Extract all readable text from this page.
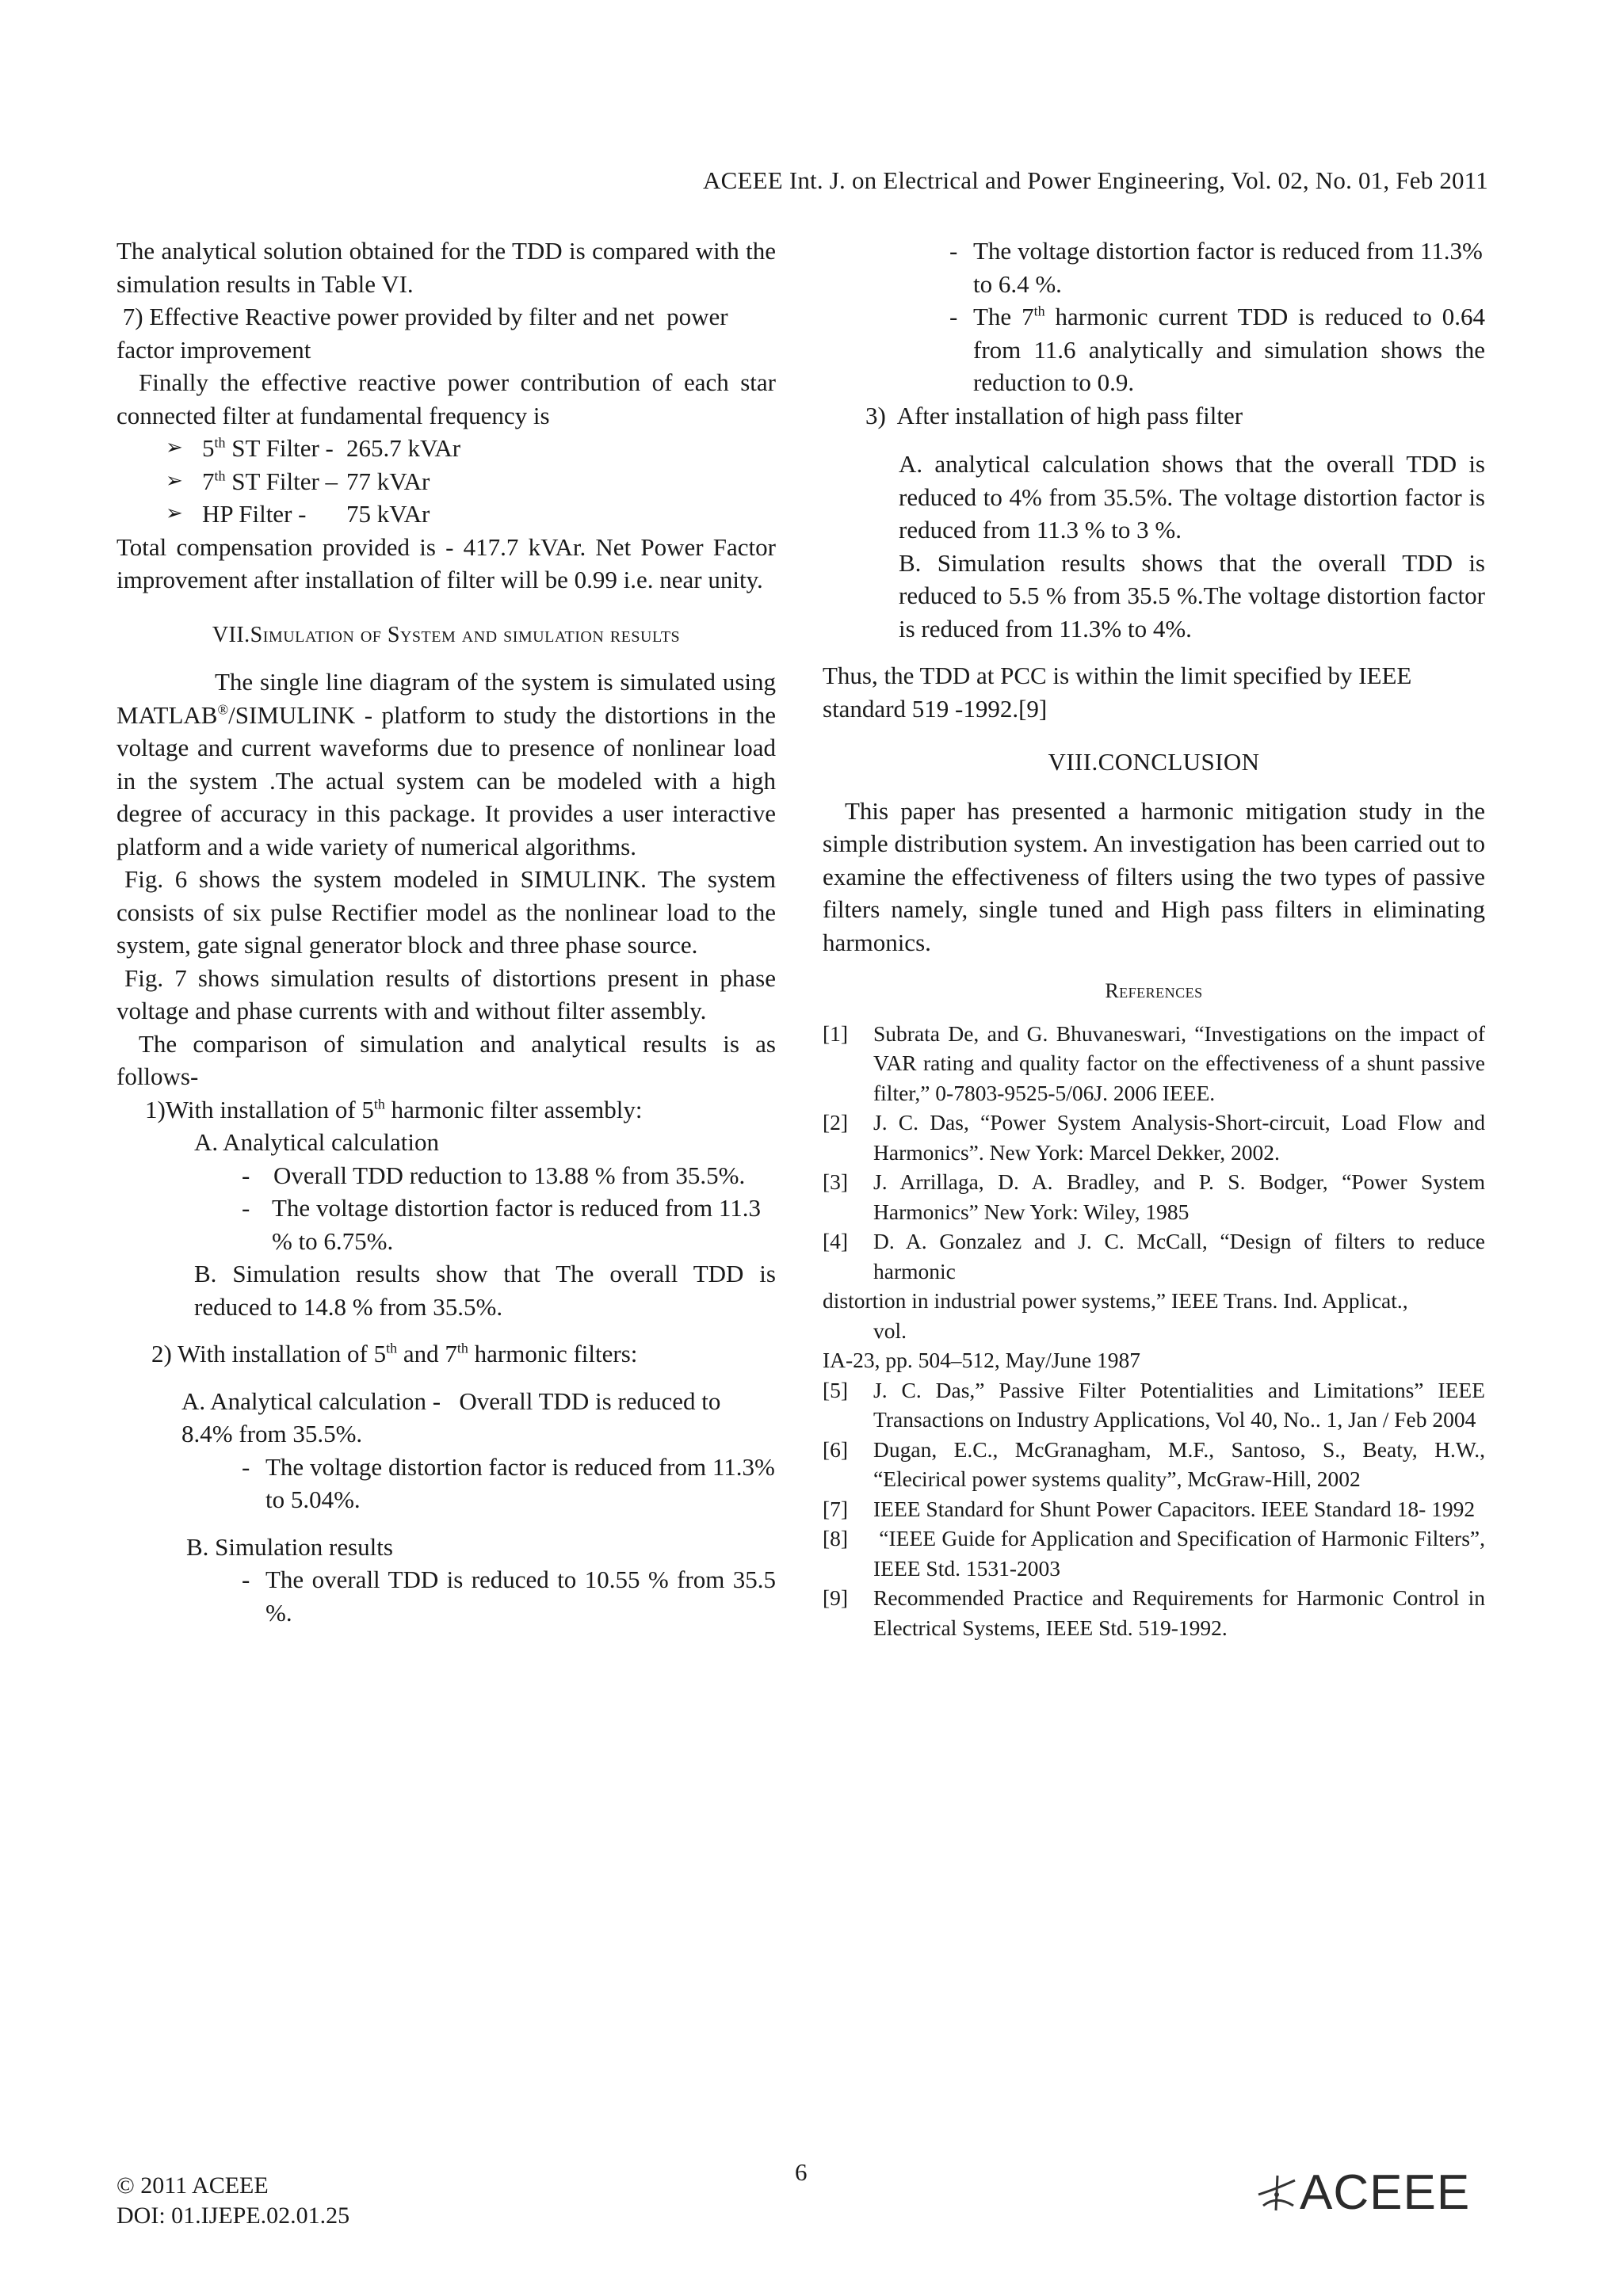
ACEEE Int. J. on Electrical and Power Engineering, Vol. 02, No. 01, Feb 2011

The analytical solution obtained for the TDD is compared with the simulation results in Table VI.

7) Effective Reactive power provided by filter and net  power factor improvement

Finally the effective reactive power contribution of each star connected filter at fundamental frequency is

➢ 5th ST Filter - 265.7 kVAr
➢ 7th ST Filter – 77 kVAr
➢ HP Filter -	75 kVAr

Total compensation provided is - 417.7 kVAr. Net Power Factor improvement after installation of filter will be 0.99 i.e. near unity.

VII.Simulation of System and simulation results

The single line diagram of the system is simulated using MATLAB®/SIMULINK - platform to study the distortions in the voltage and current waveforms due to presence of nonlinear load in the system .The actual system can be modeled with a high degree of accuracy in this package. It provides a user interactive platform and a wide variety of numerical algorithms.

Fig. 6 shows the system modeled in SIMULINK. The system consists of six pulse Rectifier model as the nonlinear load to the system, gate signal generator block and three phase source.

Fig. 7 shows simulation results of distortions present in phase voltage and phase currents with and without filter assembly.

The comparison of simulation and analytical results is as follows-

1)With installation of 5th harmonic filter assembly:

A. Analytical calculation

- Overall TDD reduction to 13.88 % from 35.5%.
- The voltage distortion factor is reduced from 11.3 % to 6.75%.

B. Simulation results show that The overall TDD is reduced to 14.8 % from 35.5%.

2) With installation of 5th and 7th harmonic filters:

A. Analytical calculation -   Overall TDD is reduced to 8.4% from 35.5%.

- The voltage distortion factor is reduced from 11.3% to 5.04%.

B. Simulation results

- The overall TDD is reduced to 10.55 % from 35.5 %.
- The voltage distortion factor is reduced from 11.3% to 6.4 %.
- The 7th harmonic current TDD is reduced to 0.64 from 11.6 analytically and simulation shows the reduction to 0.9.

3)  After installation of high pass filter

A. analytical calculation shows that the overall TDD is reduced to 4% from 35.5%. The voltage distortion factor is reduced from 11.3 % to 3 %.

B. Simulation results shows that the overall TDD is reduced to 5.5 % from 35.5 %.The voltage distortion factor is reduced from 11.3% to 4%.

Thus, the TDD at PCC is within the limit specified by IEEE standard 519 -1992.[9]

VIII.CONCLUSION

This paper has presented a harmonic mitigation study in the simple distribution system. An investigation has been carried out to examine the effectiveness of filters using the two types of passive filters namely, single tuned and High pass filters in eliminating harmonics.

References

[1]	Subrata De, and G. Bhuvaneswari, “Investigations on the impact of VAR rating and quality factor on the effectiveness of a shunt passive filter,” 0-7803-9525-5/06J. 2006 IEEE.
[2]	J. C. Das, “Power System Analysis-Short-circuit, Load Flow and Harmonics”. New York: Marcel Dekker, 2002.
[3]	J. Arrillaga, D. A. Bradley, and P. S. Bodger, “Power System Harmonics” New York: Wiley, 1985
[4]	D. A. Gonzalez and J. C. McCall, “Design of filters to reduce harmonic
distortion in industrial power systems,” IEEE Trans. Ind. Applicat.,
vol.
IA-23, pp. 504–512, May/June 1987
[5]	J. C. Das,” Passive Filter Potentialities and Limitations” IEEE Transactions on Industry Applications, Vol 40, No.. 1, Jan / Feb 2004
[6]	Dugan, E.C., McGranagham, M.F., Santoso, S., Beaty, H.W., “Elecirical power systems quality”, McGraw-Hill, 2002
[7]	IEEE Standard for Shunt Power Capacitors. IEEE Standard 18- 1992
[8]	“IEEE Guide for Application and Specification of Harmonic Filters”, IEEE Std. 1531-2003
[9]	Recommended Practice and Requirements for Harmonic Control in Electrical Systems, IEEE Std. 519-1992.
© 2011 ACEEE
DOI: 01.IJEPE.02.01.25
6	ACEEE
